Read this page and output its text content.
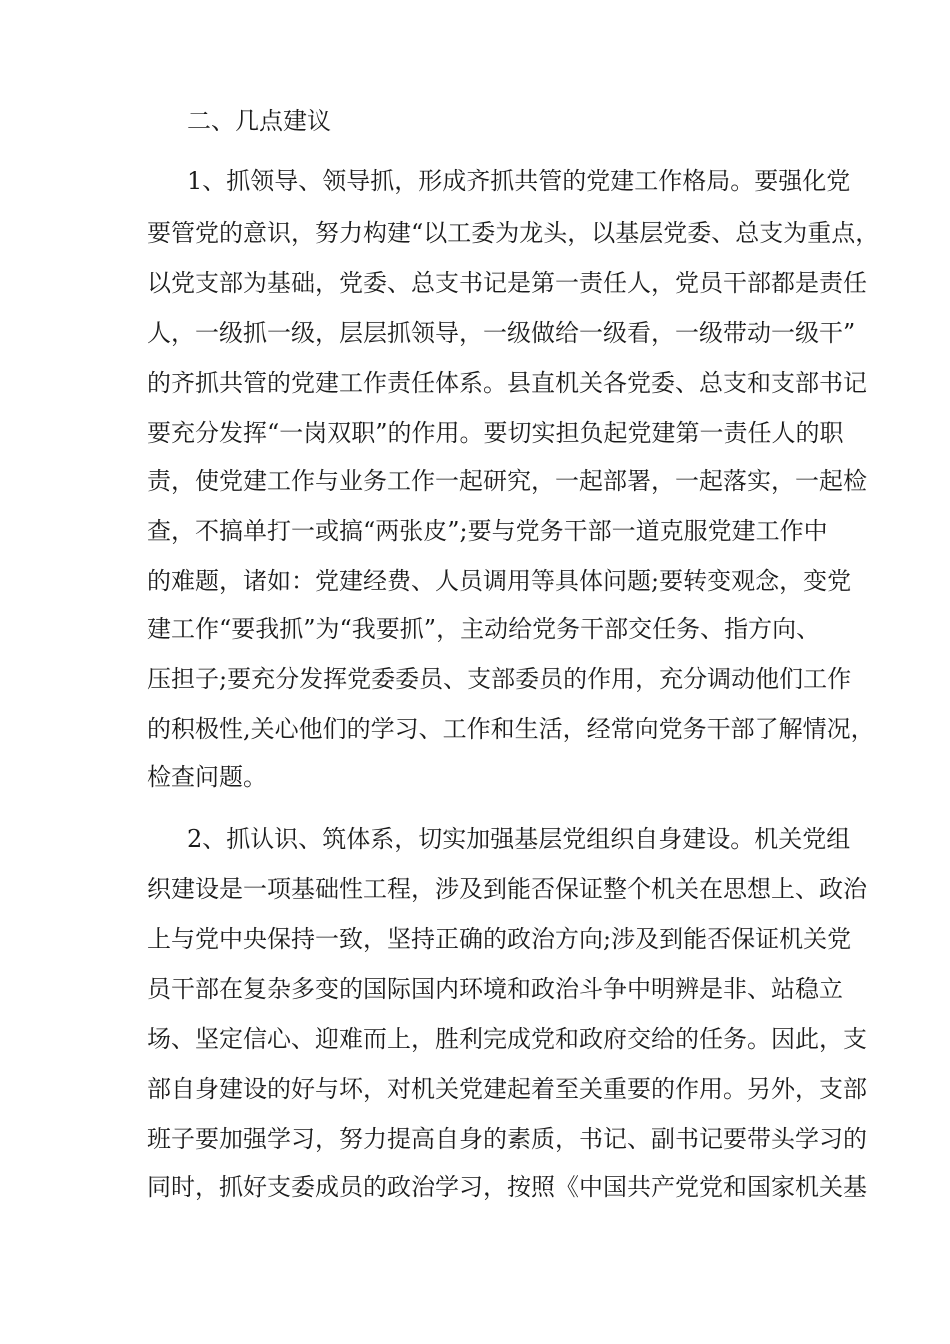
二、几点建议
1、抓领导、领导抓，形成齐抓共管的党建工作格局。要强化党
要管党的意识，努力构建“以工委为龙头，以基层党委、总支为重点，
以党支部为基础，党委、总支书记是第一责任人，党员干部都是责任
人，一级抓一级，层层抓领导，一级做给一级看，一级带动一级干”
的齐抓共管的党建工作责任体系。县直机关各党委、总支和支部书记
要充分发挥“一岗双职”的作用。要切实担负起党建第一责任人的职
责，使党建工作与业务工作一起研究，一起部署，一起落实，一起检
查，不搞单打一或搞“两张皮”;要与党务干部一道克服党建工作中
的难题，诸如：党建经费、人员调用等具体问题;要转变观念，变党
建工作“要我抓”为“我要抓”，主动给党务干部交任务、指方向、
压担子;要充分发挥党委委员、支部委员的作用，充分调动他们工作
的积极性,关心他们的学习、工作和生活，经常向党务干部了解情况，
检查问题。
2、抓认识、筑体系，切实加强基层党组织自身建设。机关党组
织建设是一项基础性工程，涉及到能否保证整个机关在思想上、政治
上与党中央保持一致，坚持正确的政治方向;涉及到能否保证机关党
员干部在复杂多变的国际国内环境和政治斗争中明辨是非、站稳立
场、坚定信心、迎难而上，胜利完成党和政府交给的任务。因此，支
部自身建设的好与坏，对机关党建起着至关重要的作用。另外，支部
班子要加强学习，努力提高自身的素质，书记、副书记要带头学习的
同时，抓好支委成员的政治学习，按照《中国共产党党和国家机关基
